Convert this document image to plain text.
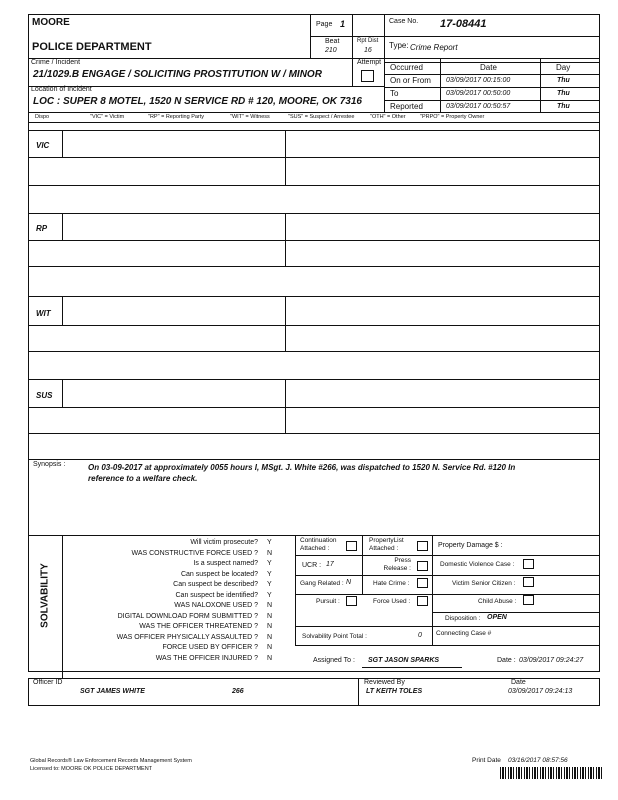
MOORE
POLICE DEPARTMENT
Page 1	Case No. 17-08441
Beat
210
Rpt Dist
16
Type: Crime Report
Crime / Incident	Attempt
21/1029.B ENGAGE / SOLICITING PROSTITUTION W / MINOR
Location of Incident
LOC : SUPER 8 MOTEL, 1520 N SERVICE RD # 120, MOORE, OK 7316
Occurred	Date	Day
On or From 03/09/2017 00:15:00	Thu
To	03/09/2017 00:50:00	Thu
Reported	03/09/2017 00:50:57	Thu
Dispo	"VIC" = Victim	"RP" = Reporting Party	"WIT" = Witness	"SUS" = Suspect / Arrestee	"OTH" = Other	"PRPO" = Property Owner
VIC
RP
WIT
SUS
Synopsis :	On 03-09-2017 at approximately 0055 hours I, MSgt. J. White #266, was dispatched to 1520 N. Service Rd. #120 In reference to a welfare check.
SOLVABILITY
Will victim prosecute? Y
WAS CONSTRUCTIVE FORCE USED ? N
Is a suspect named? Y
Can suspect be located? Y
Can suspect be described? Y
Can suspect be identified? Y
WAS NALOXONE USED ? N
DIGITAL DOWNLOAD FORM SUBMITTED ? N
WAS THE OFFICER THREATENED ? N
WAS OFFICER PHYSICALLY ASSAULTED ? N
FORCE USED BY OFFICER ? N
WAS THE OFFICER INJURED ? N
Continuation Attached :
PropertyList Attached :	Property Damage $ :
UCR : 17
Press Release :
Domestic Violence Case :
Gang Related : N	Hate Crime :	Victim Senior Citizen :
Pursuit :	Force Used :	Child Abuse :
Disposition : OPEN
Solvability Point Total :	0 Connecting Case #
Assigned To : SGT JASON SPARKS	Date : 03/09/2017 09:24:27
Officer ID
SGT JAMES WHITE	266
Reviewed By
LT KEITH TOLES
Date
03/09/2017 09:24:13
Global Records® Law Enforcement Records Management System
Licensed to: MOORE OK POLICE DEPARTMENT
Print Date 03/16/2017 08:57:56
